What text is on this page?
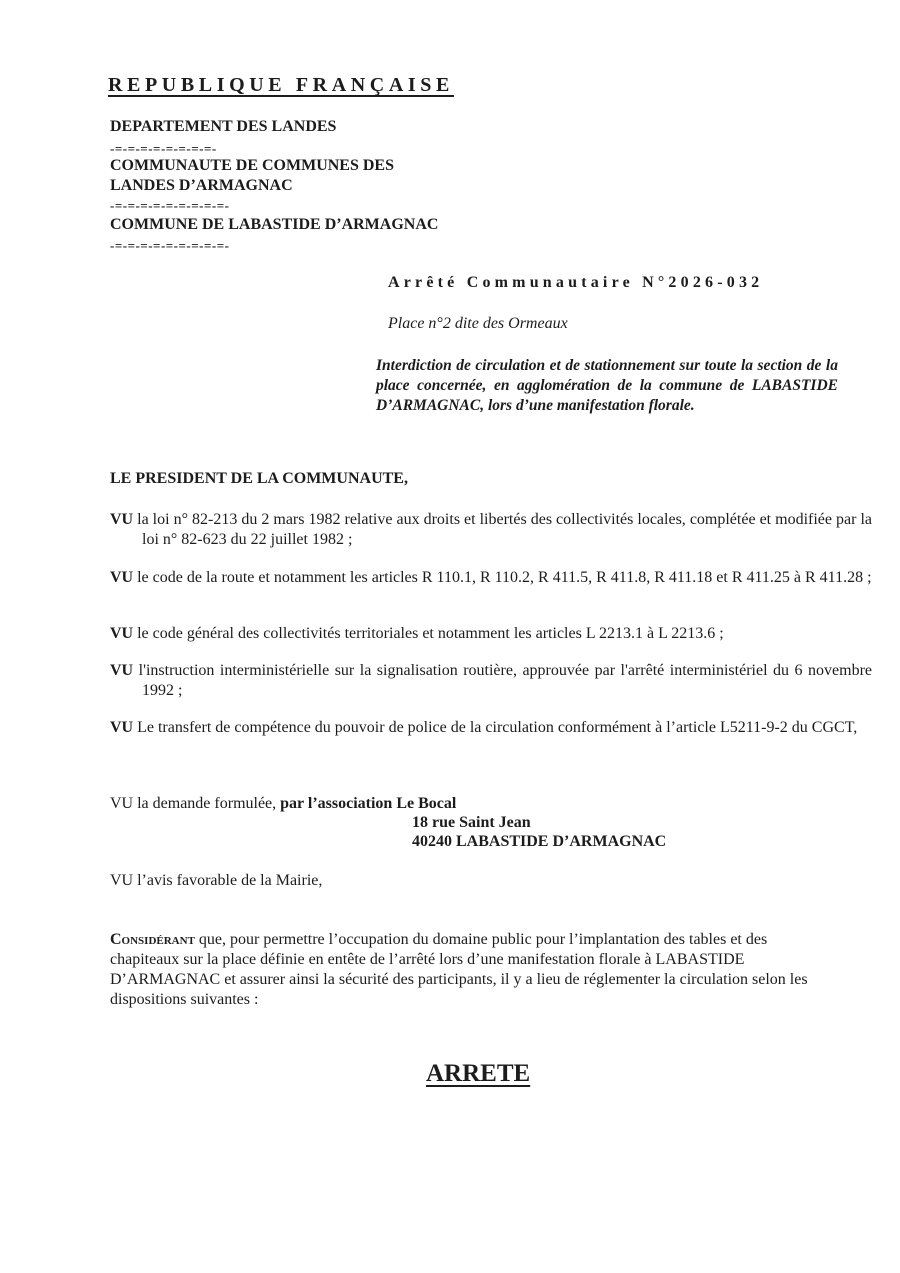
REPUBLIQUE FRANÇAISE
DEPARTEMENT DES LANDES
-=-=-=-=-=-=-=-=-
COMMUNAUTE DE COMMUNES DES
LANDES D’ARMAGNAC
-=-=-=-=-=-=-=-=-=-
COMMUNE DE LABASTIDE D’ARMAGNAC
-=-=-=-=-=-=-=-=-=-
Arrêté Communautaire N°2026-032
Place n°2 dite des Ormeaux
Interdiction de circulation et de stationnement sur toute la section de la place concernée, en agglomération de la commune de LABASTIDE D’ARMAGNAC, lors d’une manifestation florale.
LE PRESIDENT DE LA COMMUNAUTE,
VU la loi n° 82-213 du 2 mars 1982 relative aux droits et libertés des collectivités locales, complétée et modifiée par la loi n° 82-623 du 22 juillet 1982 ;
VU le code de la route et notamment les articles R 110.1, R 110.2, R 411.5, R 411.8, R 411.18 et R 411.25 à R 411.28 ;
VU le code général des collectivités territoriales et notamment les articles L 2213.1 à L 2213.6 ;
VU l'instruction interministérielle sur la signalisation routière, approuvée par l'arrêté interministériel du 6 novembre 1992 ;
VU Le transfert de compétence du pouvoir de police de la circulation conformément à l’article L5211-9-2 du CGCT,
VU la demande formulée, par l’association Le Bocal
18 rue Saint Jean
40240 LABASTIDE D’ARMAGNAC
VU l’avis favorable de la Mairie,
Considérant que, pour permettre l’occupation du domaine public pour l’implantation des tables et des chapiteaux sur la place définie en entête de l’arrêté lors d’une manifestation florale à LABASTIDE D’ARMAGNAC et assurer ainsi la sécurité des participants, il y a lieu de réglementer la circulation selon les dispositions suivantes :
ARRETE
